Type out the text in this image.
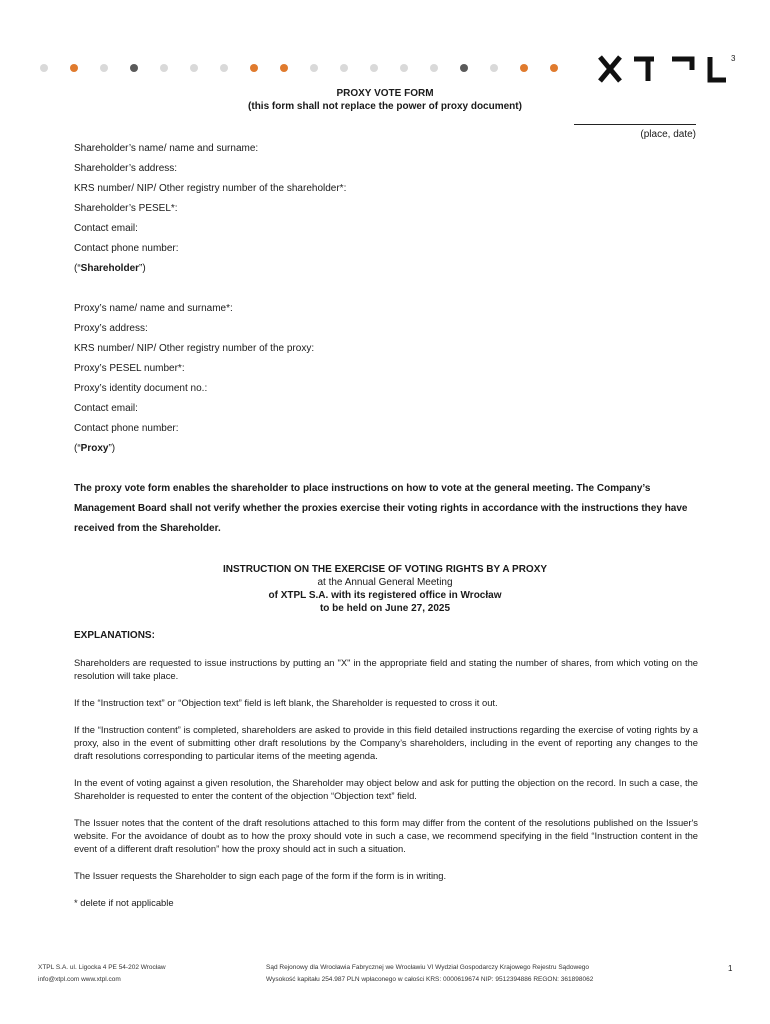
3
PROXY VOTE FORM
(this form shall not replace the power of proxy document)
(place, date)
Shareholder’s name/ name and surname:
Shareholder’s address:
KRS number/ NIP/ Other registry number of the shareholder*:
Shareholder’s PESEL*:
Contact email:
Contact phone number:
(“Shareholder”)
Proxy’s name/ name and surname*:
Proxy’s address:
KRS number/ NIP/ Other registry number of the proxy:
Proxy’s PESEL number*:
Proxy’s identity document no.:
Contact email:
Contact phone number:
(“Proxy”)
The proxy vote form enables the shareholder to place instructions on how to vote at the general meeting. The Company’s Management Board shall not verify whether the proxies exercise their voting rights in accordance with the instructions they have received from the Shareholder.
INSTRUCTION ON THE EXERCISE OF VOTING RIGHTS BY A PROXY
at the Annual General Meeting
of XTPL S.A. with its registered office in Wrocław
to be held on June 27, 2025
EXPLANATIONS:
Shareholders are requested to issue instructions by putting an "X" in the appropriate field and stating the number of shares, from which voting on the resolution will take place.
If the “Instruction text” or “Objection text” field is left blank, the Shareholder is requested to cross it out.
If the “Instruction content” is completed, shareholders are asked to provide in this field detailed instructions regarding the exercise of voting rights by a proxy, also in the event of submitting other draft resolutions by the Company’s shareholders, including in the event of reporting any changes to the draft resolutions corresponding to particular items of the meeting agenda.
In the event of voting against a given resolution, the Shareholder may object below and ask for putting the objection on the record. In such a case, the Shareholder is requested to enter the content of the objection “Objection text” field.
The Issuer notes that the content of the draft resolutions attached to this form may differ from the content of the resolutions published on the Issuer's website. For the avoidance of doubt as to how the proxy should vote in such a case, we recommend specifying in the field “Instruction content in the event of a different draft resolution” how the proxy should act in such a situation.
The Issuer requests the Shareholder to sign each page of the form if the form is in writing.
* delete if not applicable
XTPL S.A. ul. Ligocka 4 PE 54-202 Wrocław
info@xtpl.com www.xtpl.com
Sąd Rejonowy dla Wrocławia Fabrycznej we Wrocławiu VI Wydział Gospodarczy Krajowego Rejestru Sądowego
Wysokość kapitału 254.987 PLN wpłaconego w całości KRS: 0000619674 NIP: 9512394886 REGON: 361898062
1
